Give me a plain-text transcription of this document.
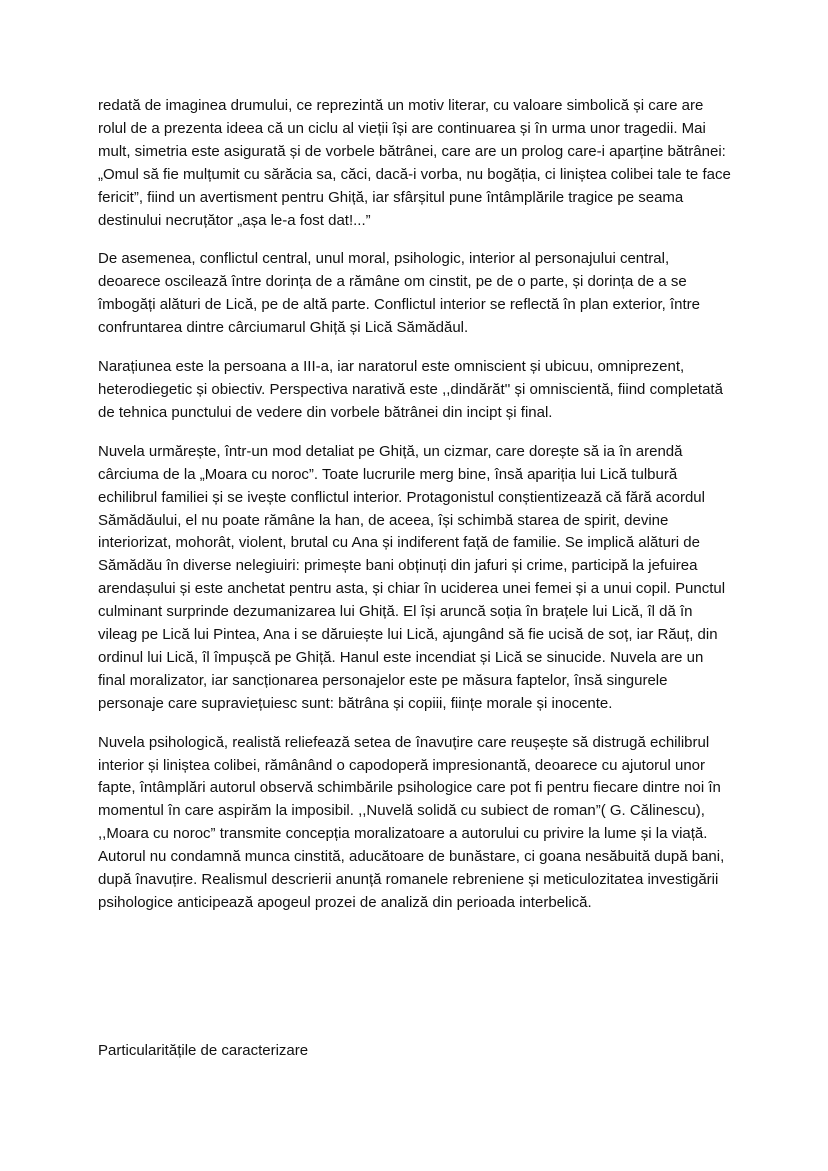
redată de imaginea drumului, ce reprezintă un motiv literar, cu valoare simbolică și care are rolul de a prezenta ideea că un ciclu al vieții își are continuarea și în urma unor tragedii. Mai mult, simetria este asigurată și de vorbele bătrânei, care are un prolog care-i aparține bătrânei:„Omul să fie mulțumit cu sărăcia sa, căci, dacă-i vorba, nu bogăția, ci liniștea colibei tale te face fericit”, fiind un avertisment pentru Ghiță, iar sfârșitul pune întâmplările tragice pe seama destinului necruțător „așa le-a fost dat!...”

De asemenea, conflictul central, unul moral, psihologic, interior al personajului central, deoarece oscilează între dorința de a rămâne om cinstit, pe de o parte, și dorința de a se îmbogăți alături de Lică, pe de altă parte. Conflictul interior se reflectă în plan exterior, între confruntarea dintre cârciumarul Ghiță și Lică Sămădăul.

Narațiunea este la persoana a III-a, iar naratorul este omniscient și ubicuu, omniprezent, heterodiegetic și obiectiv. Perspectiva narativă este ,,dindărăt'' și omniscientă, fiind completată de tehnica punctului de vedere din vorbele bătrânei din incipt și final.

Nuvela urmărește, într-un mod detaliat pe Ghiță, un cizmar, care dorește să ia în arendă cârciuma de la „Moara cu noroc”. Toate lucrurile merg bine, însă apariția lui Lică tulbură echilibrul familiei și se ivește conflictul interior. Protagonistul conștientizează că fără acordul Sămădăului, el nu poate rămâne la han, de aceea, își schimbă starea de spirit, devine interiorizat, mohorât, violent, brutal cu Ana și indiferent față de familie. Se implică alături de Sămădău în diverse nelegiuiri: primește bani obținuți din jafuri și crime, participă la jefuirea arendașului și este anchetat pentru asta, și chiar în uciderea unei femei și a unui copil. Punctul culminant surprinde dezumanizarea lui Ghiță. El își aruncă soția în brațele lui Lică, îl dă în vileag pe Lică lui Pintea, Ana i se dăruiește lui Lică, ajungând să fie ucisă de soț, iar Răuț, din ordinul lui Lică, îl împușcă pe Ghiță. Hanul este incendiat și Lică se sinucide. Nuvela are un final moralizator, iar sancționarea personajelor este pe măsura faptelor, însă singurele personaje care supraviețuiesc sunt: bătrâna și copiii, ființe morale și inocente.

Nuvela psihologică, realistă reliefează setea de înavuțire care reușește să distrugă echilibrul interior și liniștea colibei, rămânând o capodoperă impresionantă, deoarece cu ajutorul unor fapte, întâmplări autorul observă schimbările psihologice care pot fi pentru fiecare dintre noi în momentul în care aspirăm la imposibil. ,,Nuvelă solidă cu subiect de roman”( G. Călinescu), ,,Moara cu noroc” transmite concepția moralizatoare a autorului cu privire la lume și la viață. Autorul nu condamnă munca cinstită, aducătoare de bunăstare, ci goana nesăbuită după bani, după înavuțire. Realismul descrierii anunță romanele rebreniene și meticulozitatea investigării psihologice anticipează apogeul prozei de analiză din perioada interbelică.

Particularitățile de caracterizare
